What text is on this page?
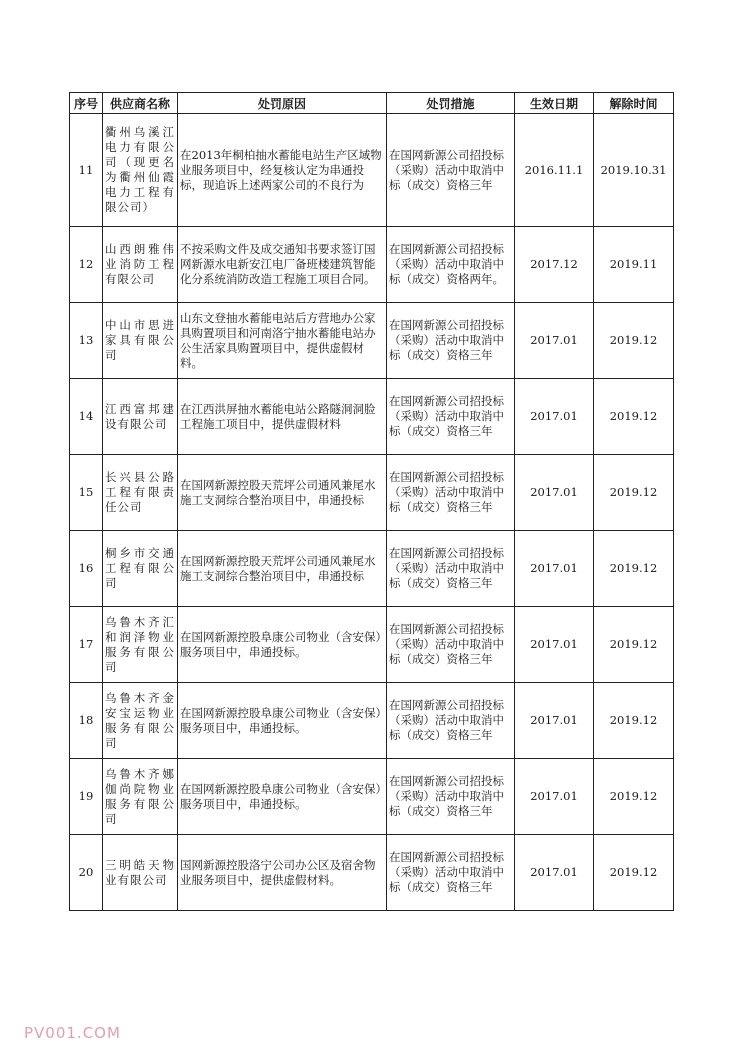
序号	供应商名称	处罚原因	处罚措施	生效日期	解除时间
11	衢州乌溪江电力有限公司（现更名为衢州仙霞电力工程有限公司）	在2013年桐柏抽水蓄能电站生产区域物业服务项目中，经复核认定为串通投标，现追诉上述两家公司的不良行为	在国网新源公司招投标（采购）活动中取消中标（成交）资格三年	2016.11.1	2019.10.31
12	山西朗雅伟业消防工程有限公司	不按采购文件及成交通知书要求签订国网新源水电新安江电厂备班楼建筑智能化分系统消防改造工程施工项目合同。	在国网新源公司招投标（采购）活动中取消中标（成交）资格两年。	2017.12	2019.11
13	中山市思进家具有限公司	山东文登抽水蓄能电站后方营地办公家具购置项目和河南洛宁抽水蓄能电站办公生活家具购置项目中，提供虚假材料。	在国网新源公司招投标（采购）活动中取消中标（成交）资格三年	2017.01	2019.12
14	江西富邦建设有限公司	在江西洪屏抽水蓄能电站公路隧洞洞脸工程施工项目中，提供虚假材料	在国网新源公司招投标（采购）活动中取消中标（成交）资格三年	2017.01	2019.12
15	长兴县公路工程有限责任公司	在国网新源控股天荒坪公司通风兼尾水施工支洞综合整治项目中，串通投标	在国网新源公司招投标（采购）活动中取消中标（成交）资格三年	2017.01	2019.12
16	桐乡市交通工程有限公司	在国网新源控股天荒坪公司通风兼尾水施工支洞综合整治项目中，串通投标	在国网新源公司招投标（采购）活动中取消中标（成交）资格三年	2017.01	2019.12
17	乌鲁木齐汇和润泽物业服务有限公司	在国网新源控股阜康公司物业（含安保）服务项目中，串通投标。	在国网新源公司招投标（采购）活动中取消中标（成交）资格三年	2017.01	2019.12
18	乌鲁木齐金安宝运物业服务有限公司	在国网新源控股阜康公司物业（含安保）服务项目中，串通投标。	在国网新源公司招投标（采购）活动中取消中标（成交）资格三年	2017.01	2019.12
19	乌鲁木齐娜伽尚院物业服务有限公司	在国网新源控股阜康公司物业（含安保）服务项目中，串通投标。	在国网新源公司招投标（采购）活动中取消中标（成交）资格三年	2017.01	2019.12
20	三明皓天物业有限公司	国网新源控股洛宁公司办公区及宿舍物业服务项目中，提供虚假材料。	在国网新源公司招投标（采购）活动中取消中标（成交）资格三年	2017.01	2019.12
PV001.COM
